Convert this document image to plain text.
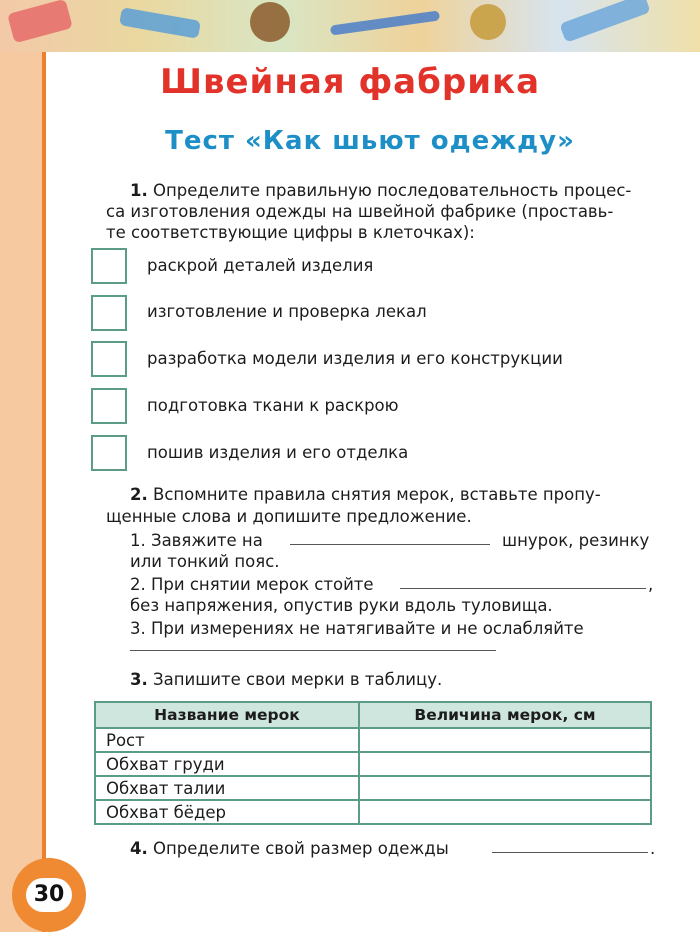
Швейная фабрика
Тест «Как шьют одежду»
1. Определите правильную последовательность процес-
са изготовления одежды на швейной фабрике (проставь-
те соответствующие цифры в клеточках):
раскрой деталей изделия
изготовление и проверка лекал
разработка модели изделия и его конструкции
подготовка ткани к раскрою
пошив изделия и его отделка
2. Вспомните правила снятия мерок, вставьте пропу-
щенные слова и допишите предложение.
1. Завяжите на	шнурок, резинку
или тонкий пояс.
2. При снятии мерок стойте	,
без напряжения, опустив руки вдоль туловища.
3. При измерениях не натягивайте и не ослабляйте
3. Запишите свои мерки в таблицу.
Название мерок	Величина мерок, см
Рост	
Обхват груди	
Обхват талии	
Обхват бёдер	
4. Определите свой размер одежды	.
30
